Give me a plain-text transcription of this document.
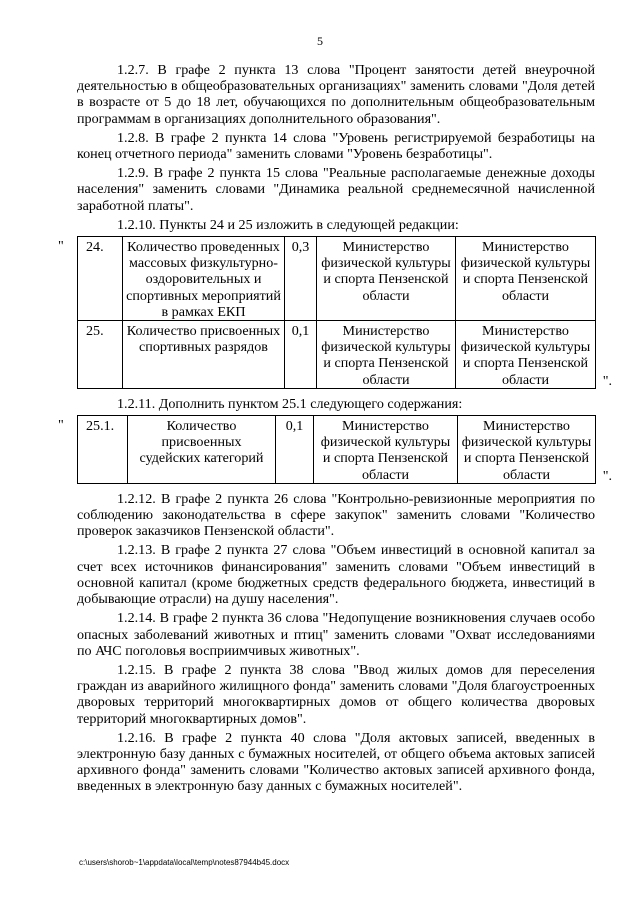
5

1.2.7. В графе 2 пункта 13 слова "Процент занятости детей внеурочной деятельностью в общеобразовательных организациях" заменить словами "Доля детей в возрасте от 5 до 18 лет, обучающихся по дополнительным общеобразовательным программам в организациях дополнительного образования".

1.2.8. В графе 2 пункта 14 слова "Уровень регистрируемой безработицы на конец отчетного периода" заменить словами "Уровень безработицы".

1.2.9. В графе 2 пункта 15 слова "Реальные располагаемые денежные доходы населения" заменить словами "Динамика реальной среднемесячной начисленной заработной платы".

1.2.10. Пункты 24 и 25 изложить в следующей редакции:

" 24.	Количество проведенных массовых физкультурно-оздоровительных и спортивных мероприятий в рамках ЕКП	0,3	Министерство физической культуры и спорта Пензенской области	Министерство физической культуры и спорта Пензенской области
25.	Количество присвоенных спортивных разрядов	0,1	Министерство физической культуры и спорта Пензенской области	Министерство физической культуры и спорта Пензенской области	".

1.2.11. Дополнить пунктом 25.1 следующего содержания:

" 25.1.	Количество присвоенных судейских категорий	0,1	Министерство физической культуры и спорта Пензенской области	Министерство физической культуры и спорта Пензенской области	".

1.2.12. В графе 2 пункта 26 слова "Контрольно-ревизионные мероприятия по соблюдению законодательства в сфере закупок" заменить словами "Количество проверок заказчиков Пензенской области".

1.2.13. В графе 2 пункта 27 слова "Объем инвестиций в основной капитал за счет всех источников финансирования" заменить словами "Объем инвестиций в основной капитал (кроме бюджетных средств федерального бюджета, инвестиций в добывающие отрасли) на душу населения".

1.2.14. В графе 2 пункта 36 слова "Недопущение возникновения случаев особо опасных заболеваний животных и птиц" заменить словами "Охват исследованиями по АЧС поголовья восприимчивых животных".

1.2.15. В графе 2 пункта 38 слова "Ввод жилых домов для переселения граждан из аварийного жилищного фонда" заменить словами "Доля благоустроенных дворовых территорий многоквартирных домов от общего количества дворовых территорий многоквартирных домов".

1.2.16. В графе 2 пункта 40 слова "Доля актовых записей, введенных в электронную базу данных с бумажных носителей, от общего объема актовых записей архивного фонда" заменить словами "Количество актовых записей архивного фонда, введенных в электронную базу данных с бумажных носителей".

c:\users\shorob~1\appdata\local\temp\notes87944b45.docx
